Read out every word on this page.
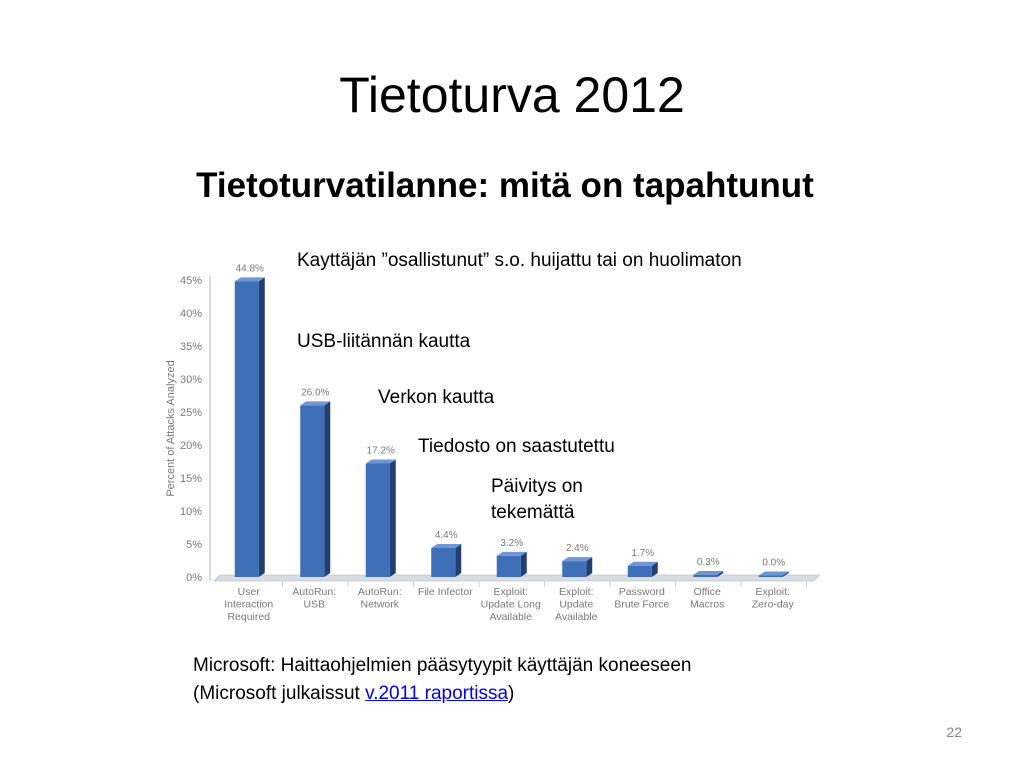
Tietoturva 2012
Tietoturvatilanne: mitä on tapahtunut
Percent of Attacks Analyzed
0%
5%
10%
15%
20%
25%
30%
35%
40%
45%
44.8%
User Interaction Required
26.0%
AutoRun: USB
17.2%
AutoRun: Network
4.4%
File Infector
3.2%
Exploit: Update Long Available
2.4%
Exploit: Update Available
1.7%
Password Brute Force
0.3%
Office Macros
0.0%
Exploit: Zero-day
Kayttäjän ”osallistunut” s.o. huijattu tai on huolimaton
USB-liitännän kautta
Verkon kautta
Tiedosto on saastutettu
Päivitys on tekemättä
Microsoft: Haittaohjelmien pääsytyypit käyttäjän koneeseen
(Microsoft julkaissut v.2011 raportissa)
22
